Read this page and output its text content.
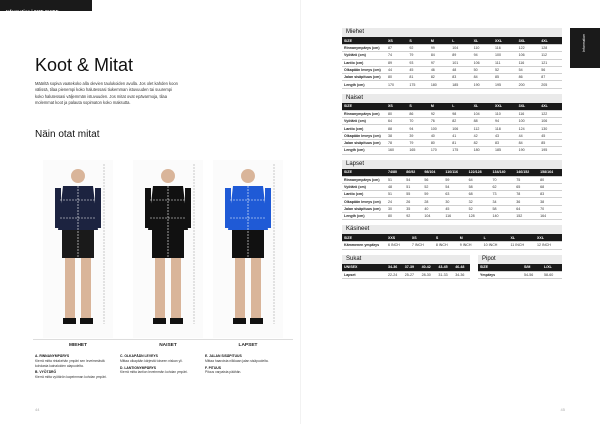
Information | SIZE GUIDE
Information
Koot & Mitat

Määritä sopiva vaatekoko alla olevien taulukoiden avulla. Jos olet kahden koon välissä, tilaa pienempi koko halutessasi tiukemman istuvuuden tai suurempi koko halutessasi väljemmän istuvuuden. Jos mitat ovat epävarmoja, tilaa molemmat koot ja palauta sopimaton koko maksutta.

Näin otat mitat
MIEHET	NAISET	LAPSET
A. RINNANYMPÄRYS
Kierrä mitta rintakehän ympäri sen leveimmästä kohdasta kainaloiden alapuolelta.
B. VYÖTÄRÖ
Kierrä mitta vyötärön kapeimman kohdan ympäri.
C. OLKAPÄÄN LEVEYS
Mittaa olkapään kärjestä toiseen niskan yli.
D. LANTIONYMPÄRYS
Kierrä mitta lantion leveimmän kohdan ympäri.
E. JALAN SISÄPITUUS
Mittaa haaroista nilkkaan jalan sisäpuolelta.
F. PITUUS
Pituus varpaista päähän.
44	45
Miehet
SIZE	XS	S	M	L	XL	XXL	3XL	4XL
Rinnanympärys (cm)	87	92	99	104	110	116	122	128
Vyötärö (cm)	74	79	84	89	94	100	106	112
Lantio (cm)	89	93	97	101	106	111	116	121
Olkapään leveys (cm)	44	45	46	48	50	52	54	56
Jalan sisäpituus (cm)	80	81	82	83	84	85	86	87
Length (cm)	170	175	180	185	190	195	200	205
Naiset
SIZE	XS	S	M	L	XL	XXL	3XL	4XL
Rinnanympärys (cm)	80	86	92	98	104	110	116	122
Vyötärö (cm)	64	70	76	82	88	94	100	106
Lantio (cm)	88	94	100	106	112	118	124	130
Olkapään leveys (cm)	38	39	40	41	42	43	44	45
Jalan sisäpituus (cm)	78	79	80	81	82	83	84	85
Length (cm)	160	165	170	175	180	185	190	195
Lapset
SIZE	74/80	86/92	98/104	110/116	122/128	134/140	146/152	158/164
Rinnanympärys (cm)	51	54	56	59	64	70	75	80
Vyötärö (cm)	48	51	52	54	58	62	65	68
Lantio (cm)	51	55	59	63	68	73	78	83
Olkapään leveys (cm)	24	26	28	30	32	34	36	38
Jalan sisäpituus (cm)	30	35	40	45	52	58	64	70
Length (cm)	80	92	104	116	128	140	152	164
Käsineet
SIZE	XXS	XS	S	M	L	XL	XXL
Kämmenen ympärys	6 INCH	7 INCH	8 INCH	9 INCH	10 INCH	11 INCH	12 INCH
Sukat
UNISEX	34-36	37-39	40-42	43-45	46-48
Lapset	22-24	25-27	28-30	31-33	34-36
Pipot
SIZE	S/M	L/XL
Ympärys	54-56	58-60
